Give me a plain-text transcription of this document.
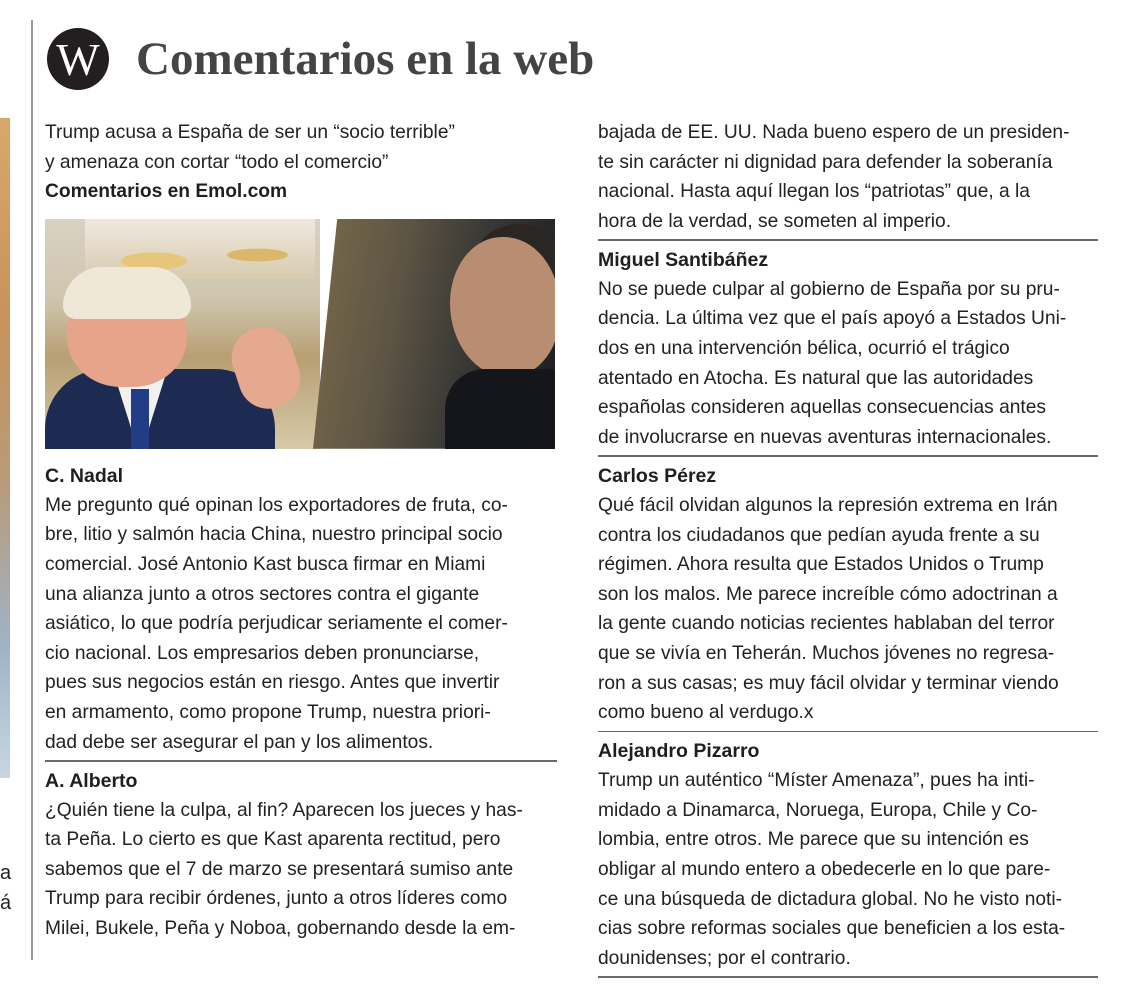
a
á
W Comentarios en la web

Trump acusa a España de ser un “socio terrible”

y amenaza con cortar “todo el comercio”

Comentarios en Emol.com
C. Nadal

Me pregunto qué opinan los exportadores de fruta, co-

bre, litio y salmón hacia China, nuestro principal socio

comercial. José Antonio Kast busca firmar en Miami

una alianza junto a otros sectores contra el gigante

asiático, lo que podría perjudicar seriamente el comer-

cio nacional. Los empresarios deben pronunciarse,

pues sus negocios están en riesgo. Antes que invertir

en armamento, como propone Trump, nuestra priori-

dad debe ser asegurar el pan y los alimentos.

A. Alberto

¿Quién tiene la culpa, al fin? Aparecen los jueces y has-

ta Peña. Lo cierto es que Kast aparenta rectitud, pero

sabemos que el 7 de marzo se presentará sumiso ante

Trump para recibir órdenes, junto a otros líderes como

Milei, Bukele, Peña y Noboa, gobernando desde la em-

bajada de EE. UU. Nada bueno espero de un presiden-

te sin carácter ni dignidad para defender la soberanía

nacional. Hasta aquí llegan los “patriotas” que, a la

hora de la verdad, se someten al imperio.

Miguel Santibáñez

No se puede culpar al gobierno de España por su pru-

dencia. La última vez que el país apoyó a Estados Uni-

dos en una intervención bélica, ocurrió el trágico

atentado en Atocha. Es natural que las autoridades

españolas consideren aquellas consecuencias antes

de involucrarse en nuevas aventuras internacionales.

Carlos Pérez

Qué fácil olvidan algunos la represión extrema en Irán

contra los ciudadanos que pedían ayuda frente a su

régimen. Ahora resulta que Estados Unidos o Trump

son los malos. Me parece increíble cómo adoctrinan a

la gente cuando noticias recientes hablaban del terror

que se vivía en Teherán. Muchos jóvenes no regresa-

ron a sus casas; es muy fácil olvidar y terminar viendo

como bueno al verdugo.x

Alejandro Pizarro

Trump un auténtico “Míster Amenaza”, pues ha inti-

midado a Dinamarca, Noruega, Europa, Chile y Co-

lombia, entre otros. Me parece que su intención es

obligar al mundo entero a obedecerle en lo que pare-

ce una búsqueda de dictadura global. No he visto noti-

cias sobre reformas sociales que beneficien a los esta-

dounidenses; por el contrario.
